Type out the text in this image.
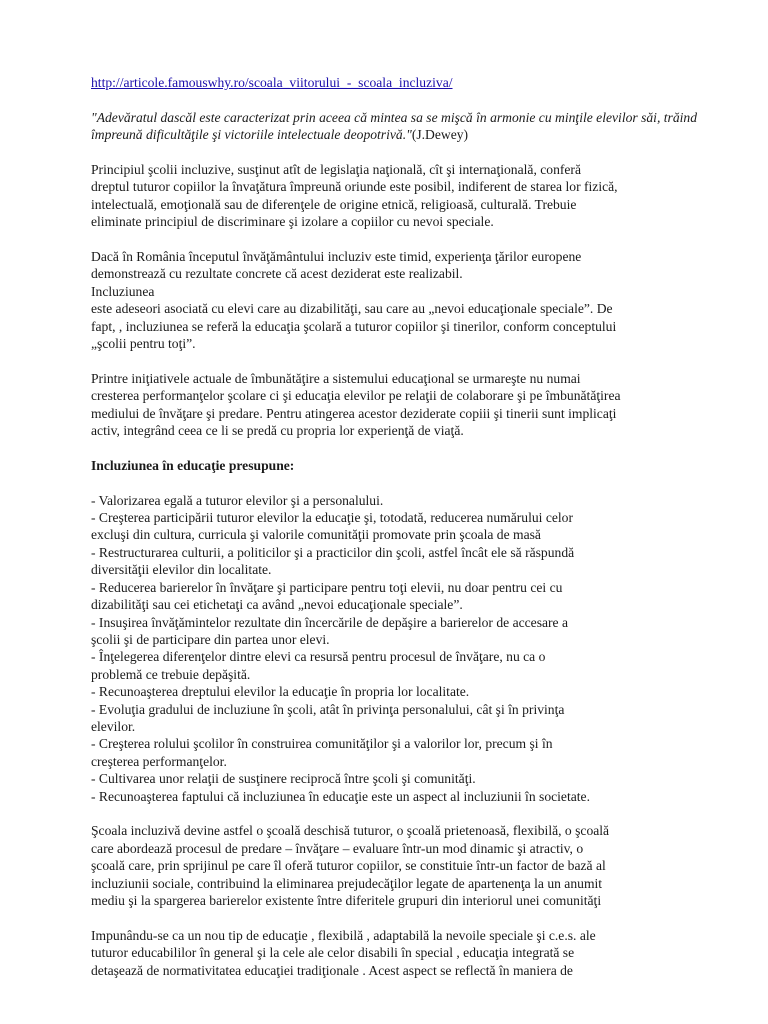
http://articole.famouswhy.ro/scoala_viitorului_-_scoala_incluziva/

"Adevăratul dascăl este caracterizat prin aceea că mintea sa se mişcă în armonie cu minţile elevilor săi, trăind împreună dificultăţile şi victoriile intelectuale deopotrivă."(J.Dewey)

Principiul şcolii incluzive, susţinut atît de legislaţia naţională, cît şi internaţională, conferă
dreptul tuturor copiilor la învaţătura împreună oriunde este posibil, indiferent de starea lor fizică,
intelectuală, emoţională sau de diferenţele de origine etnică, religioasă, culturală. Trebuie
eliminate principiul de discriminare şi izolare a copiilor cu nevoi speciale.

Dacă în România începutul învăţământului incluziv este timid, experienţa ţărilor europene
demonstrează cu rezultate concrete că acest deziderat este realizabil.
Incluziunea
este adeseori asociată cu elevi care au dizabilităţi, sau care au „nevoi educaţionale speciale”. De
fapt, , incluziunea se referă la educaţia şcolară a tuturor copiilor şi tinerilor, conform conceptului
„şcolii pentru toţi”.

Printre iniţiativele actuale de îmbunătăţire a sistemului educaţional se urmareşte nu numai
cresterea performanţelor şcolare ci şi educaţia elevilor pe relaţii de colaborare şi pe îmbunătăţirea
mediului de învăţare şi predare. Pentru atingerea acestor deziderate copiii şi tinerii sunt implicaţi
activ, integrând ceea ce li se predă cu propria lor experienţă de viaţă.

Incluziunea în educaţie presupune:

- Valorizarea egală a tuturor elevilor şi a personalului.

- Creşterea participării tuturor elevilor la educaţie şi, totodată, reducerea numărului celor
excluşi din cultura, curricula şi valorile comunităţii promovate prin şcoala de masă

- Restructurarea culturii, a politicilor şi a practicilor din şcoli, astfel încât ele să răspundă
diversităţii elevilor din localitate.

- Reducerea barierelor în învăţare şi participare pentru toţi elevii, nu doar pentru cei cu
dizabilităţi sau cei etichetaţi ca având „nevoi educaţionale speciale”.

- Insuşirea învăţămintelor rezultate din încercările de depăşire a barierelor de accesare a
şcolii şi de participare din partea unor elevi.

- Înţelegerea diferenţelor dintre elevi ca resursă pentru procesul de învăţare, nu ca o
problemă ce trebuie depăşită.

- Recunoaşterea dreptului elevilor la educaţie în propria lor localitate.

- Evoluţia gradului de incluziune în şcoli, atât în privinţa personalului, cât şi în privinţa
elevilor.

- Creşterea rolului şcolilor în construirea comunităţilor şi a valorilor lor, precum şi în
creşterea performanţelor.

- Cultivarea unor relaţii de susţinere reciprocă între şcoli şi comunităţi.

- Recunoaşterea faptului că incluziunea în educaţie este un aspect al incluziunii în societate.

Şcoala incluzivă devine astfel o şcoală deschisă tuturor, o şcoală prietenoasă, flexibilă, o şcoală
care abordează procesul de predare – învăţare – evaluare într-un mod dinamic şi atractiv, o
şcoală care, prin sprijinul pe care îl oferă tuturor copiilor, se constituie într-un factor de bază al
incluziunii sociale, contribuind la eliminarea prejudecăţilor legate de apartenenţa la un anumit
mediu şi la spargerea barierelor existente între diferitele grupuri din interiorul unei comunităţi

Impunându-se ca un nou tip de educaţie , flexibilă , adaptabilă la nevoile speciale şi c.e.s. ale
tuturor educabililor în general şi la cele ale celor disabili în special , educaţia integrată se
detaşează de normativitatea educaţiei tradiţionale . Acest aspect se reflectă în maniera de
